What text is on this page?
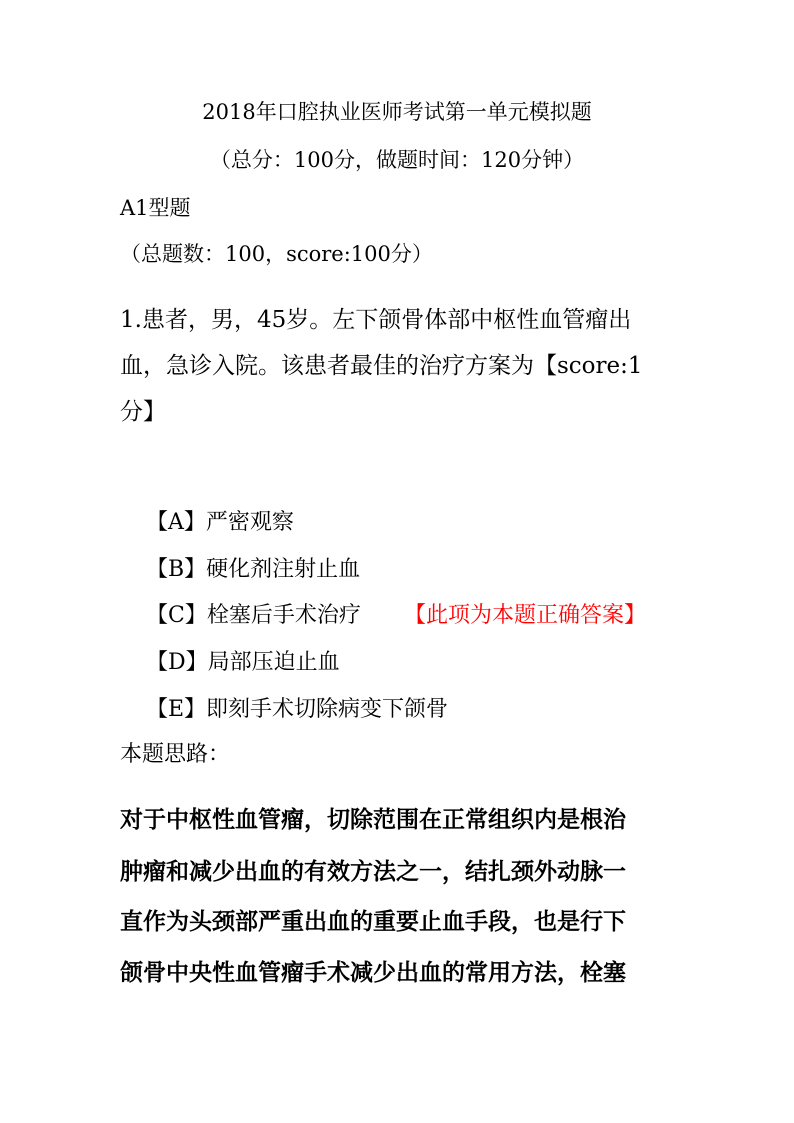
2018年口腔执业医师考试第一单元模拟题
（总分：100分，做题时间：120分钟）
A1型题
（总题数：100，score:100分）
1.患者，男，45岁。左下颌骨体部中枢性血管瘤出
血，急诊入院。该患者最佳的治疗方案为【score:1
分】
【A】严密观察
【B】硬化剂注射止血
【C】栓塞后手术治疗 【此项为本题正确答案】
【D】局部压迫止血
【E】即刻手术切除病变下颌骨
本题思路：
对于中枢性血管瘤，切除范围在正常组织内是根治
肿瘤和减少出血的有效方法之一，结扎颈外动脉一
直作为头颈部严重出血的重要止血手段，也是行下
颌骨中央性血管瘤手术减少出血的常用方法，栓塞
